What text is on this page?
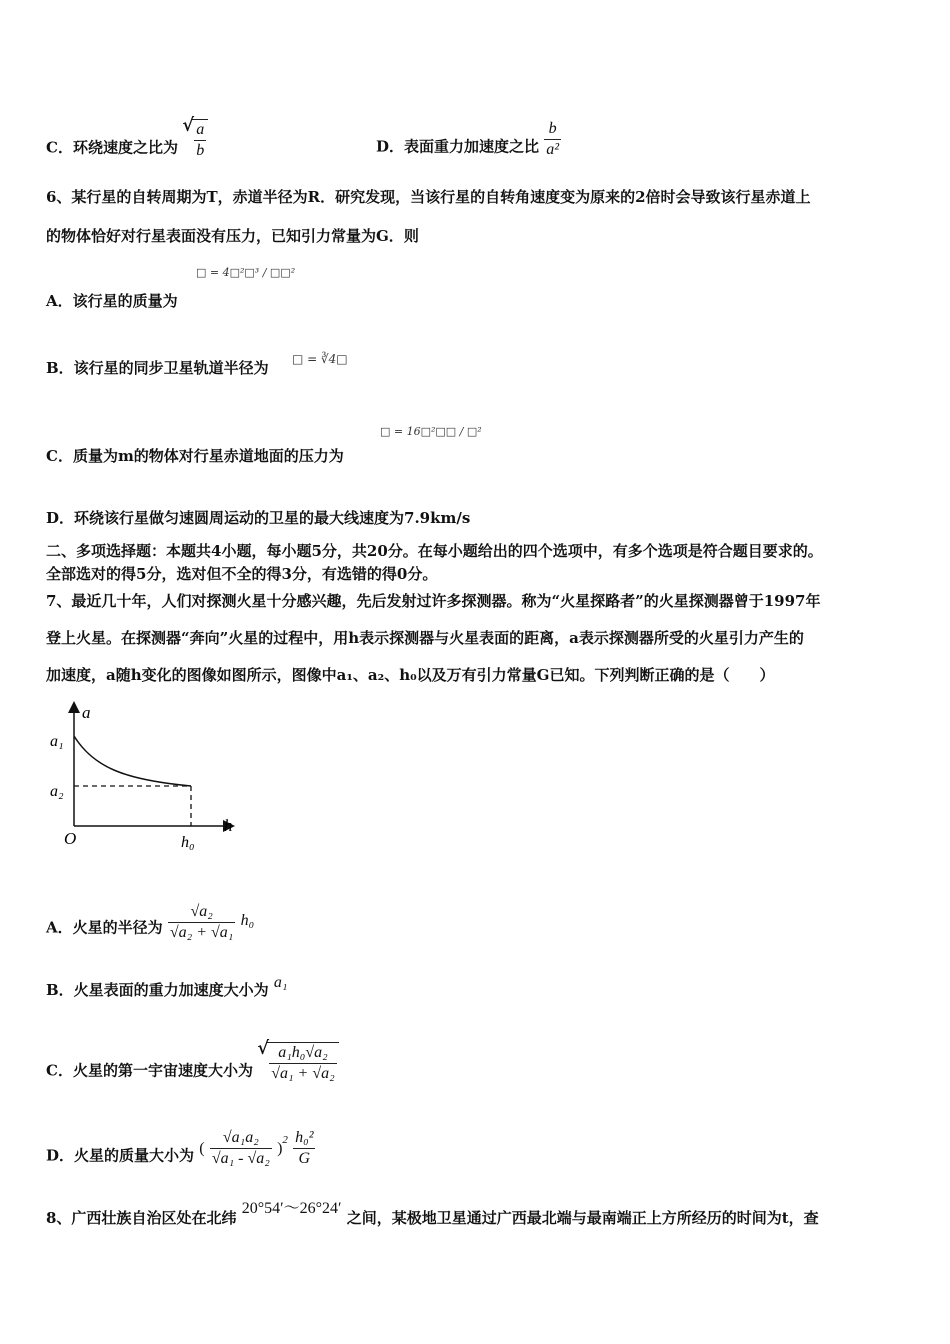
C．环绕速度之比为 √ $\frac{a}{b}$	D．表面重力加速度之比 $\frac{b}{\text{a²}}$
6、某行星的自转周期为T，赤道半径为R．研究发现，当该行星的自转角速度变为原来的2倍时会导致该行星赤道上
的物体恰好对行星表面没有压力，已知引力常量为G．则
A．该行星的质量为
□ = 4□²□³ / □□²
B．该行星的同步卫星轨道半径为 □ = ∛4□
C．质量为m的物体对行星赤道地面的压力为
□ = 16□²□□ / □²
D．环绕该行星做匀速圆周运动的卫星的最大线速度为7.9km/s
二、多项选择题：本题共4小题，每小题5分，共20分。在每小题给出的四个选项中，有多个选项是符合题目要求的。
全部选对的得5分，选对但不全的得3分，有选错的得0分。
7、最近几十年，人们对探测火星十分感兴趣，先后发射过许多探测器。称为“火星探路者”的火星探测器曾于1997年
登上火星。在探测器“奔向”火星的过程中，用h表示探测器与火星表面的距离，a表示探测器所受的火星引力产生的
加速度，a随h变化的图像如图所示，图像中a₁、a₂、h₀以及万有引力常量G已知。下列判断正确的是（　　）
a
h
O
a₁
a₂
h₀
A．火星的半径为 $\frac{\text{√a₂}}{\text{√a₂ + √a₁}} h_0$
B．火星表面的重力加速度大小为 a₁
C．火星的第一宇宙速度大小为 √ $\frac{\text{a₁h₀√a₂}}{\text{√a₁ + √a₂}}$
D．火星的质量大小为 ( $\frac{\text{√a₁a₂}}{\text{√a₁ - √a₂}} )^2 \frac{\text{h₀²}}{G}$
8、广西壮族自治区处在北纬 20°54′～26°24′ 之间，某极地卫星通过广西最北端与最南端正上方所经历的时间为t，查
